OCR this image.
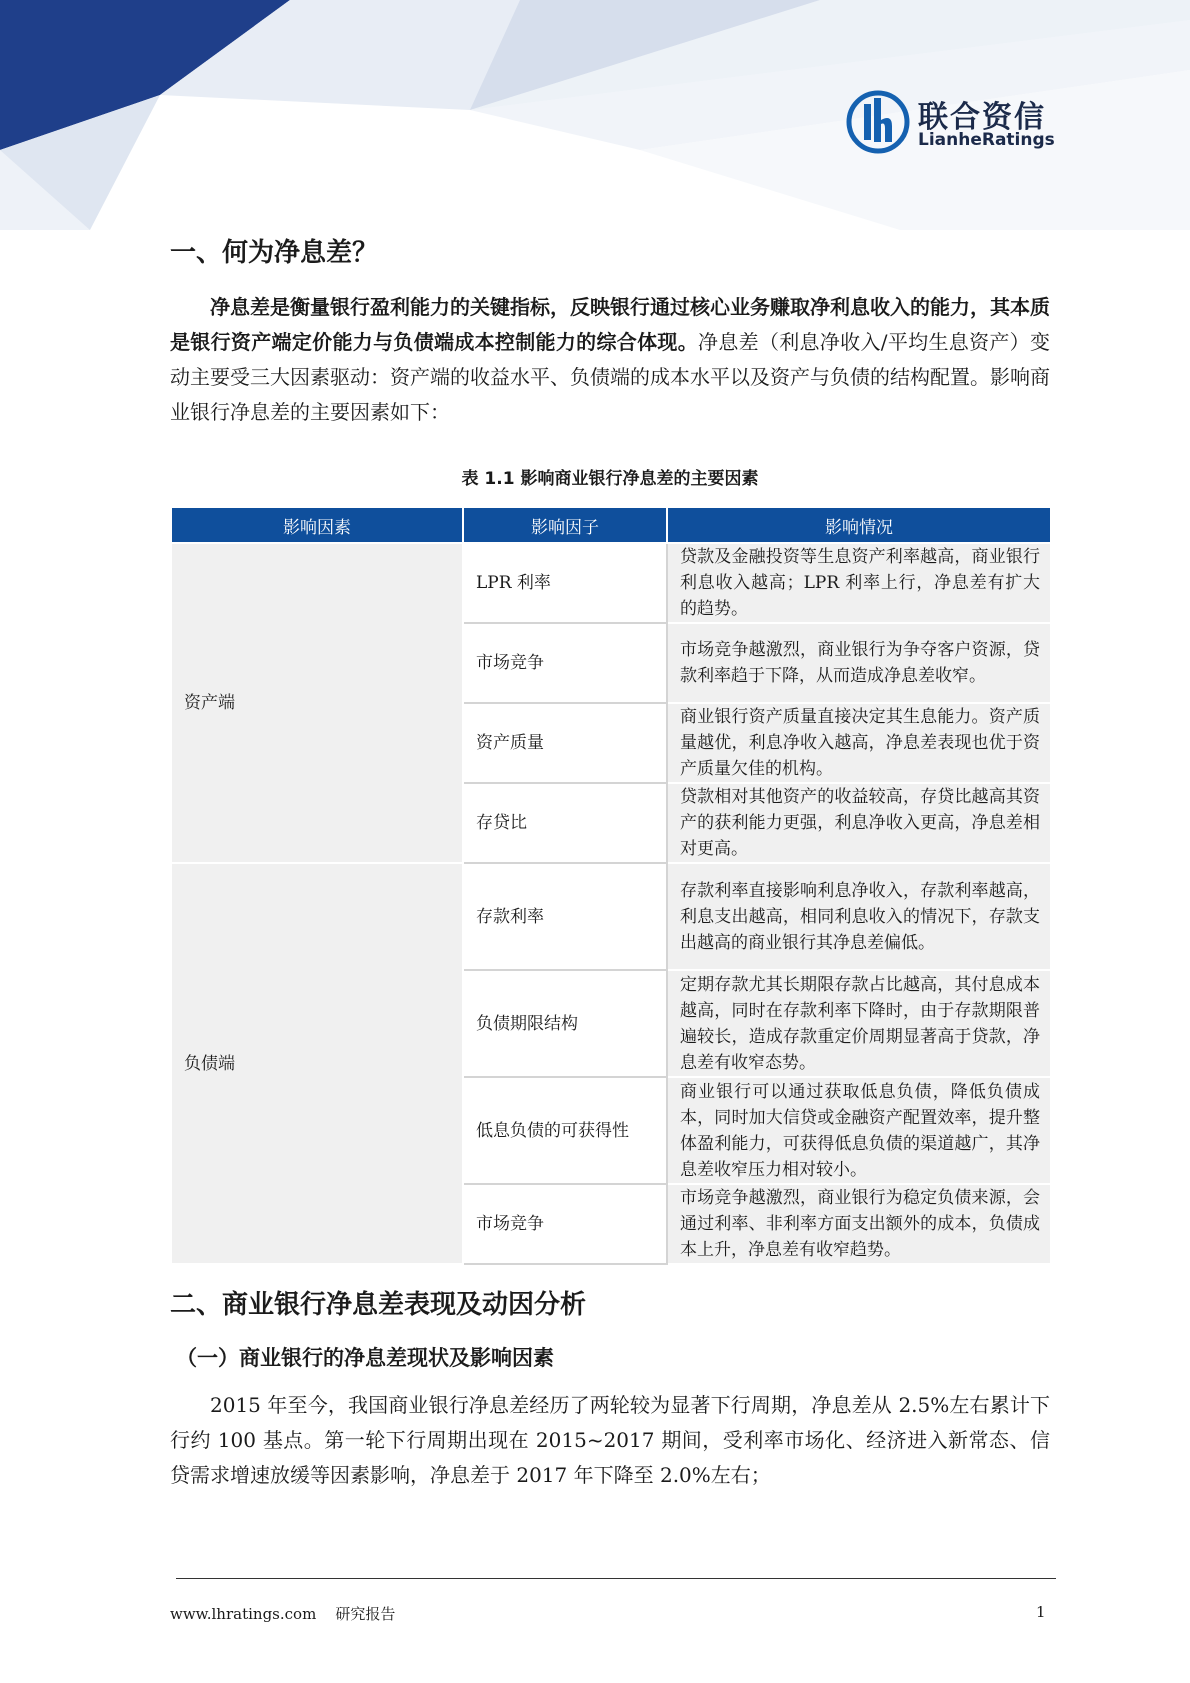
联合资信
LianheRatings
一、何为净息差？

净息差是衡量银行盈利能力的关键指标，反映银行通过核心业务赚取净利息收入的能力，其本质是银行资产端定价能力与负债端成本控制能力的综合体现。净息差（利息净收入/平均生息资产）变动主要受三大因素驱动：资产端的收益水平、负债端的成本水平以及资产与负债的结构配置。影响商业银行净息差的主要因素如下：

表 1.1 影响商业银行净息差的主要因素
影响因素	影响因子	影响情况
资产端	LPR 利率	贷款及金融投资等生息资产利率越高，商业银行利息收入越高；LPR 利率上行，净息差有扩大的趋势。
	市场竞争	市场竞争越激烈，商业银行为争夺客户资源，贷款利率趋于下降，从而造成净息差收窄。
	资产质量	商业银行资产质量直接决定其生息能力。资产质量越优，利息净收入越高，净息差表现也优于资产质量欠佳的机构。
	存贷比	贷款相对其他资产的收益较高，存贷比越高其资产的获利能力更强，利息净收入更高，净息差相对更高。
负债端	存款利率	存款利率直接影响利息净收入，存款利率越高，利息支出越高，相同利息收入的情况下，存款支出越高的商业银行其净息差偏低。
	负债期限结构	定期存款尤其长期限存款占比越高，其付息成本越高，同时在存款利率下降时，由于存款期限普遍较长，造成存款重定价周期显著高于贷款，净息差有收窄态势。
	低息负债的可获得性	商业银行可以通过获取低息负债，降低负债成本，同时加大信贷或金融资产配置效率，提升整体盈利能力，可获得低息负债的渠道越广，其净息差收窄压力相对较小。
	市场竞争	市场竞争越激烈，商业银行为稳定负债来源，会通过利率、非利率方面支出额外的成本，负债成本上升，净息差有收窄趋势。
二、商业银行净息差表现及动因分析
（一）商业银行的净息差现状及影响因素

2015 年至今，我国商业银行净息差经历了两轮较为显著下行周期，净息差从 2.5%左右累计下行约 100 基点。第一轮下行周期出现在 2015~2017 期间，受利率市场化、经济进入新常态、信贷需求增速放缓等因素影响，净息差于 2017 年下降至 2.0%左右；

www.lhratings.com    研究报告	1
